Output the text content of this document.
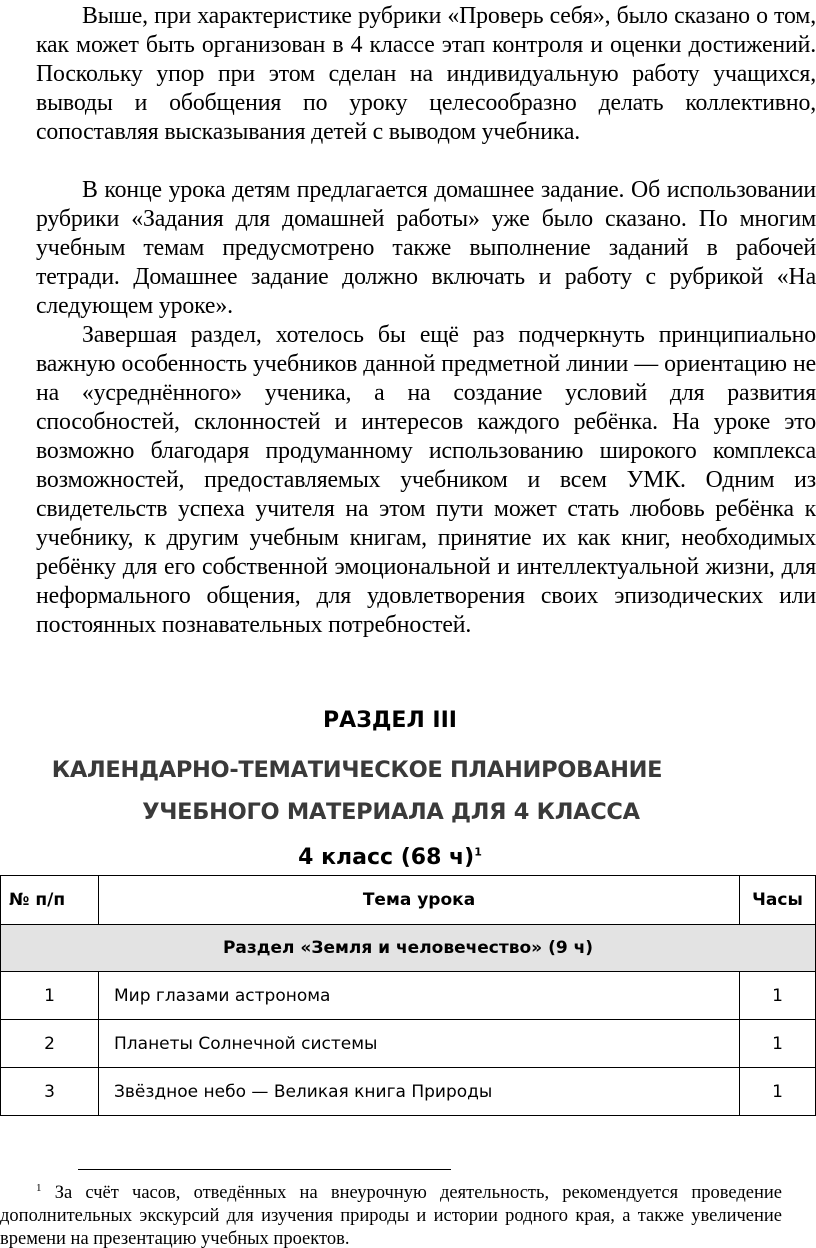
Выше, при характеристике рубрики «Проверь себя», было сказано о том, как может быть организован в 4 классе этап контроля и оценки достижений. Поскольку упор при этом сделан на индивидуальную работу учащихся, выводы и обобщения по уроку целесообразно делать коллективно, сопоставляя высказывания детей с выводом учебника.

В конце урока детям предлагается домашнее задание. Об использовании рубрики «Задания для домашней работы» уже было сказано. По многим учебным темам предусмотрено также выполнение заданий в рабочей тетради. Домашнее задание должно включать и работу с рубрикой «На следующем уроке».

Завершая раздел, хотелось бы ещё раз подчеркнуть принципиально важную особенность учебников данной предметной линии — ориентацию не на «усреднённого» ученика, а на создание условий для развития способностей, склонностей и интересов каждого ребёнка. На уроке это возможно благодаря продуманному использованию широкого комплекса возможностей, предоставляемых учебником и всем УМК. Одним из свидетельств успеха учителя на этом пути может стать любовь ребёнка к учебнику, к другим учебным книгам, принятие их как книг, необходимых ребёнку для его собственной эмоциональной и интеллектуальной жизни, для неформального общения, для удовлетворения своих эпизодических или постоянных познавательных потребностей.

РАЗДЕЛ III
КАЛЕНДАРНО-ТЕМАТИЧЕСКОЕ ПЛАНИРОВАНИЕ
УЧЕБНОГО МАТЕРИАЛА ДЛЯ 4 КЛАССА
4 класс (68 ч)$^1$
№ п/п	Тема урока	Часы
Раздел «Земля и человечество» (9 ч)		
1	Мир глазами астронома	1
2	Планеты Солнечной системы	1
3	Звёздное небо — Великая книга Природы	1

$^1$ За счёт часов, отведённых на внеурочную деятельность, рекомендуется проведение дополнительных экскурсий для изучения природы и истории родного края, а также увеличение времени на презентацию учебных проектов.
